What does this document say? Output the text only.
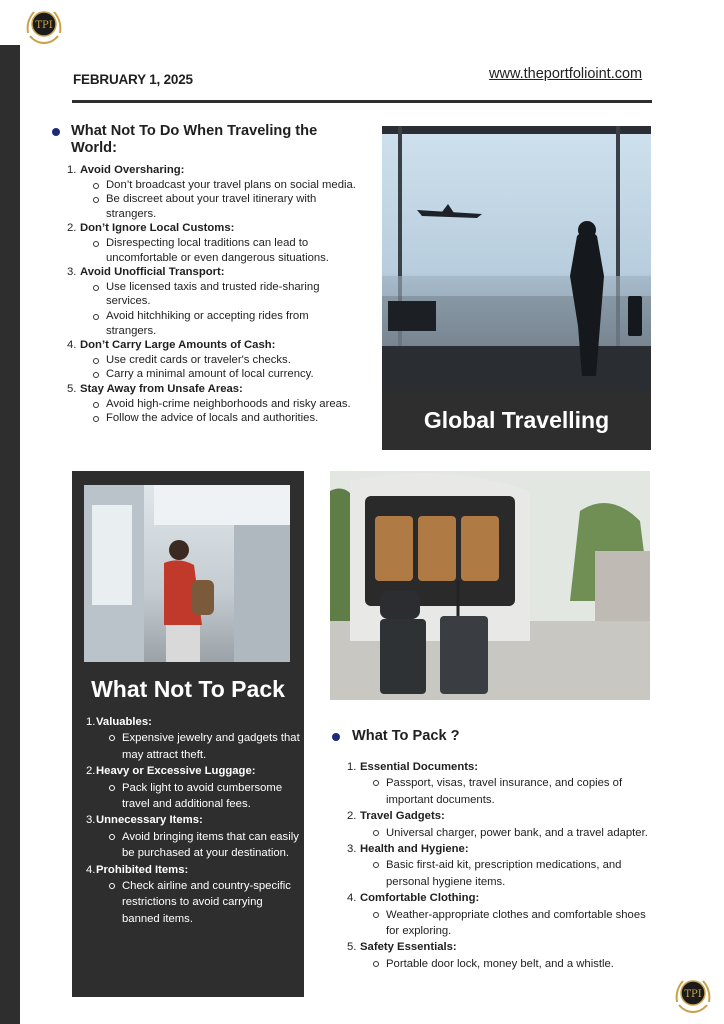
TPI
FEBRUARY 1, 2025	www.theportfolioint.com
What Not To Do When Traveling the World:
Avoid Oversharing:
Don’t broadcast your travel plans on social media.
Be discreet about your travel itinerary with strangers.
Don’t Ignore Local Customs:
Disrespecting local traditions can lead to uncomfortable or even dangerous situations.
Avoid Unofficial Transport:
Use licensed taxis and trusted ride-sharing services.
Avoid hitchhiking or accepting rides from strangers.
Don’t Carry Large Amounts of Cash:
Use credit cards or traveler's checks.
Carry a minimal amount of local currency.
Stay Away from Unsafe Areas:
Avoid high-crime neighborhoods and risky areas.
Follow the advice of locals and authorities.	Global Travelling
What Not To Pack
Valuables:
Expensive jewelry and gadgets that may attract theft.
Heavy or Excessive Luggage:
Pack light to avoid cumbersome travel and additional fees.
Unnecessary Items:
Avoid bringing items that can easily be purchased at your destination.
Prohibited Items:
Check airline and country-specific restrictions to avoid carrying banned items.
What To Pack ?
Essential Documents:
Passport, visas, travel insurance, and copies of important documents.
Travel Gadgets:
Universal charger, power bank, and a travel adapter.
Health and Hygiene:
Basic first-aid kit, prescription medications, and personal hygiene items.
Comfortable Clothing:
Weather-appropriate clothes and comfortable shoes for exploring.
Safety Essentials:
Portable door lock, money belt, and a whistle.
TPI
